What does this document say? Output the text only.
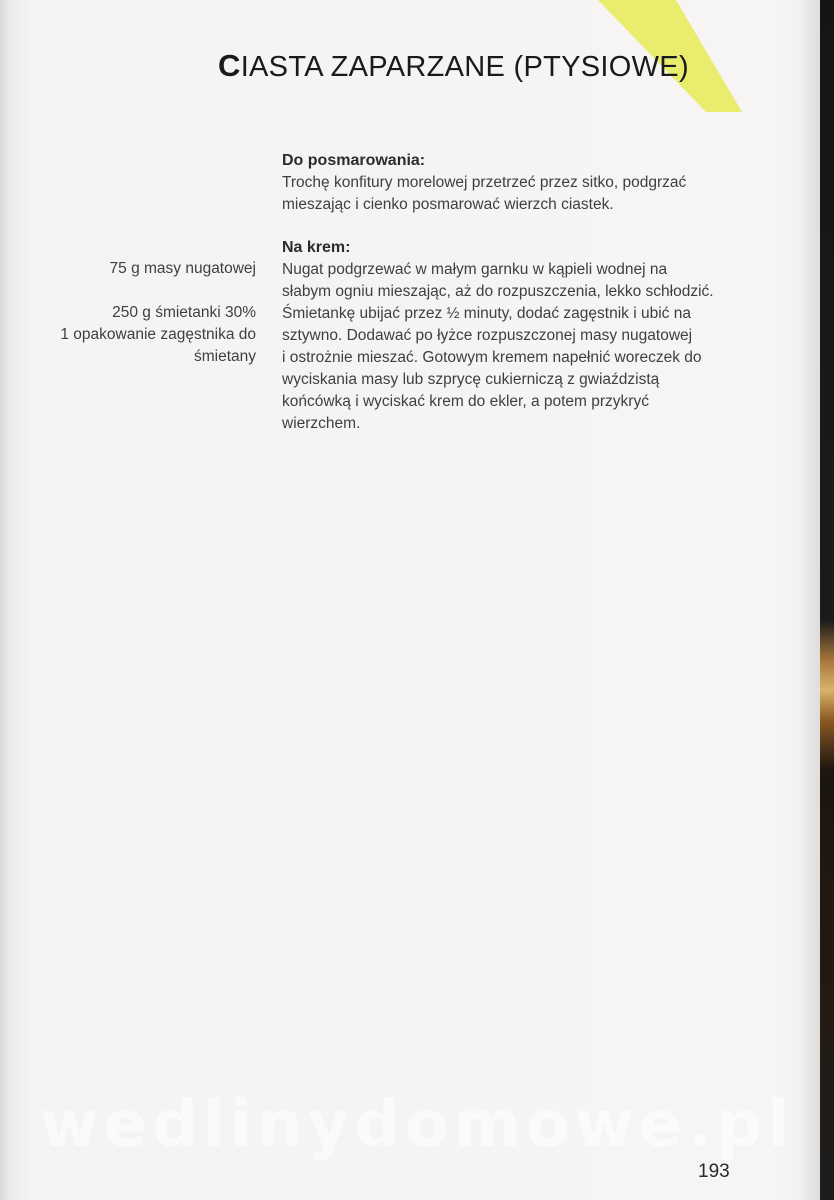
CIASTA ZAPARZANE (PTYSIOWE)
Do posmarowania:

Trochę konfitury morelowej przetrzeć przez sitko, podgrzać

mieszając i cienko posmarować wierzch ciastek.

Na krem:

Nugat podgrzewać w małym garnku w kąpieli wodnej na

słabym ogniu mieszając, aż do rozpuszczenia, lekko schłodzić.

Śmietankę ubijać przez ½ minuty, dodać zagęstnik i ubić na

sztywno. Dodawać po łyżce rozpuszczonej masy nugatowej

i ostrożnie mieszać. Gotowym kremem napełnić woreczek do

wyciskania masy lub szprycę cukierniczą z gwiaździstą

końcówką i wyciskać krem do ekler, a potem przykryć

wierzchem.

75 g masy nugatowej
250 g śmietanki 30%
1 opakowanie zagęstnika do
śmietany
wedlinydomowe.pl
193
